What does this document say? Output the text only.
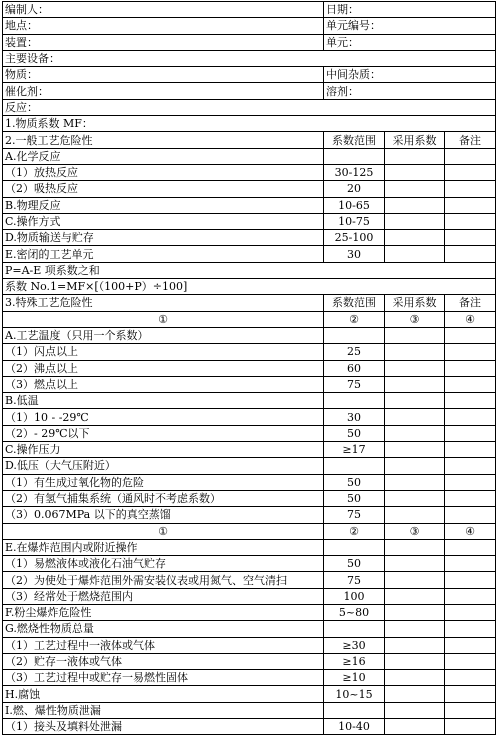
编制人：	日期：		
地点：	单元编号：		
装置：	单元：		
主要设备：			
物质：	中间杂质：		
催化剂：	溶剂：		
反应：			
1.物质系数 MF：			
2.一般工艺危险性	系数范围	采用系数	备注
A.化学反应			
（1）放热反应	30-125		
（2）吸热反应	20		
B.物理反应	10-65		
C.操作方式	10-75		
D.物质输送与贮存	25-100		
E.密闭的工艺单元	30		
P=A-E 项系数之和			
系数 No.1=MF×[（100+P）÷100]			
3.特殊工艺危险性	系数范围	采用系数	备注
①	②	③	④
A.工艺温度（只用一个系数）			
（1）闪点以上	25		
（2）沸点以上	60		
（3）燃点以上	75		
B.低温			
（1）10 - -29℃	30		
（2）- 29℃以下	50		
C.操作压力	≥17		
D.低压（大气压附近）			
（1）有生成过氧化物的危险	50		
（2）有氢气捕集系统（通风时不考虑系数）	50		
（3）0.067MPa 以下的真空蒸馏	75		
①	②	③	④
E.在爆炸范围内或附近操作			
（1）易燃液体或液化石油气贮存	50		
（2）为使处于爆炸范围外需安装仪表或用氮气、空气清扫	75		
（3）经常处于燃烧范围内	100		
F.粉尘爆炸危险性	5~80		
G.燃烧性物质总量			
（1）工艺过程中一液体或气体	≥30		
（2）贮存一液体或气体	≥16		
（3）工艺过程中或贮存一易燃性固体	≥10		
H.腐蚀	10~15		
I.燃、爆性物质泄漏			
（1）接头及填料处泄漏	10-40		
